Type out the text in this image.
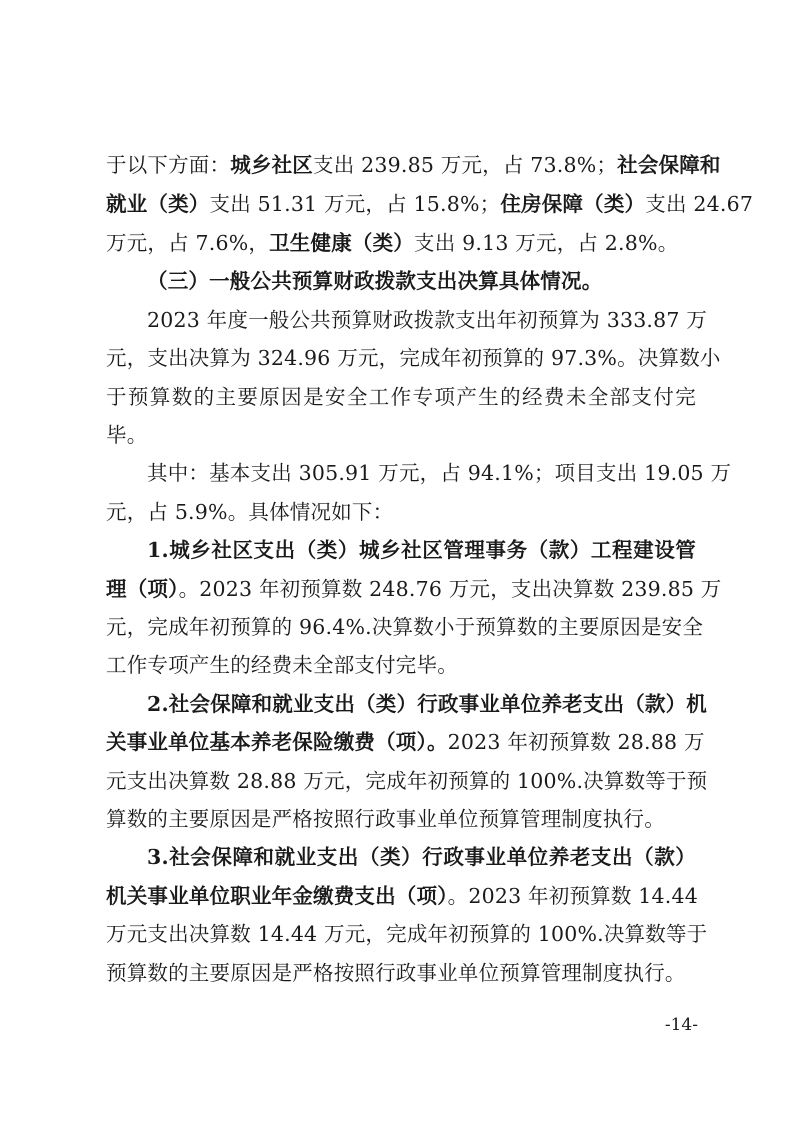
于以下方面：城乡社区支出 239.85 万元，占 73.8%；社会保障和
就业（类）支出 51.31 万元，占 15.8%；住房保障（类）支出 24.67
万元，占 7.6%，卫生健康（类）支出 9.13 万元，占 2.8%。
（三）一般公共预算财政拨款支出决算具体情况。
2023 年度一般公共预算财政拨款支出年初预算为 333.87 万
元，支出决算为 324.96 万元，完成年初预算的 97.3%。决算数小
于预算数的主要原因是安全工作专项产生的经费未全部支付完
毕。
其中：基本支出 305.91 万元，占 94.1%；项目支出 19.05 万
元，占 5.9%。具体情况如下：
1.城乡社区支出（类）城乡社区管理事务（款）工程建设管
理（项）。2023 年初预算数 248.76 万元，支出决算数 239.85 万
元，完成年初预算的 96.4%.决算数小于预算数的主要原因是安全
工作专项产生的经费未全部支付完毕。
2.社会保障和就业支出（类）行政事业单位养老支出（款）机
关事业单位基本养老保险缴费（项）。2023 年初预算数 28.88 万
元支出决算数 28.88 万元，完成年初预算的 100%.决算数等于预
算数的主要原因是严格按照行政事业单位预算管理制度执行。
3.社会保障和就业支出（类）行政事业单位养老支出（款）
机关事业单位职业年金缴费支出（项）。2023 年初预算数 14.44
万元支出决算数 14.44 万元，完成年初预算的 100%.决算数等于
预算数的主要原因是严格按照行政事业单位预算管理制度执行。
-14-
